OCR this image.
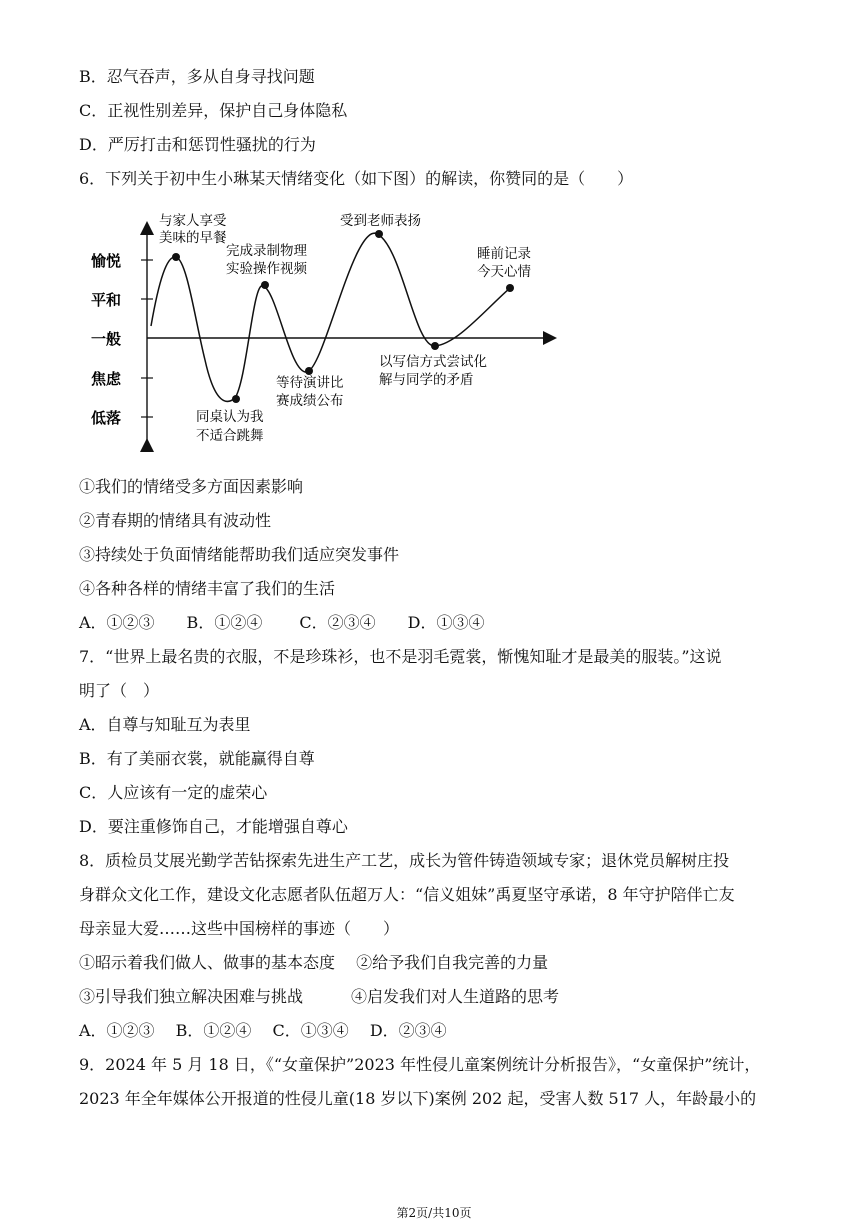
B．忍气吞声，多从自身寻找问题
C．正视性别差异，保护自己身体隐私
D．严厉打击和惩罚性骚扰的行为
6．下列关于初中生小琳某天情绪变化（如下图）的解读，你赞同的是（　　）
愉悦
平和
一般
焦虑
低落
与家人享受
美味的早餐
同桌认为我
不适合跳舞
完成录制物理
实验操作视频
等待演讲比
赛成绩公布
受到老师表扬
以写信方式尝试化
解与同学的矛盾
睡前记录
今天心情
①我们的情绪受多方面因素影响
②青春期的情绪具有波动性
③持续处于负面情绪能帮助我们适应突发事件
④各种各样的情绪丰富了我们的生活
A．①②③　　B．①②④　　 C．②③④　　D．①③④
7．“世界上最名贵的衣服，不是珍珠衫，也不是羽毛霓裳，惭愧知耻才是最美的服装。”这说
明了（　）
A．自尊与知耻互为表里
B．有了美丽衣裳，就能赢得自尊
C．人应该有一定的虚荣心
D．要注重修饰自己，才能增强自尊心
8．质检员艾展光勤学苦钻探索先进生产工艺，成长为管件铸造领域专家；退休党员解树庄投
身群众文化工作，建设文化志愿者队伍超万人：“信义姐妹”禹夏坚守承诺，8 年守护陪伴亡友
母亲显大爱……这些中国榜样的事迹（　　）
①昭示着我们做人、做事的基本态度　 ②给予我们自我完善的力量
③引导我们独立解决困难与挑战　　　④启发我们对人生道路的思考
A．①②③　 B．①②④　 C．①③④　 D．②③④
9．2024 年 5 月 18 日，《“女童保护”2023 年性侵儿童案例统计分析报告》，“女童保护”统计，
2023 年全年媒体公开报道的性侵儿童(18 岁以下)案例 202 起，受害人数 517 人，年龄最小的
第2页/共10页
